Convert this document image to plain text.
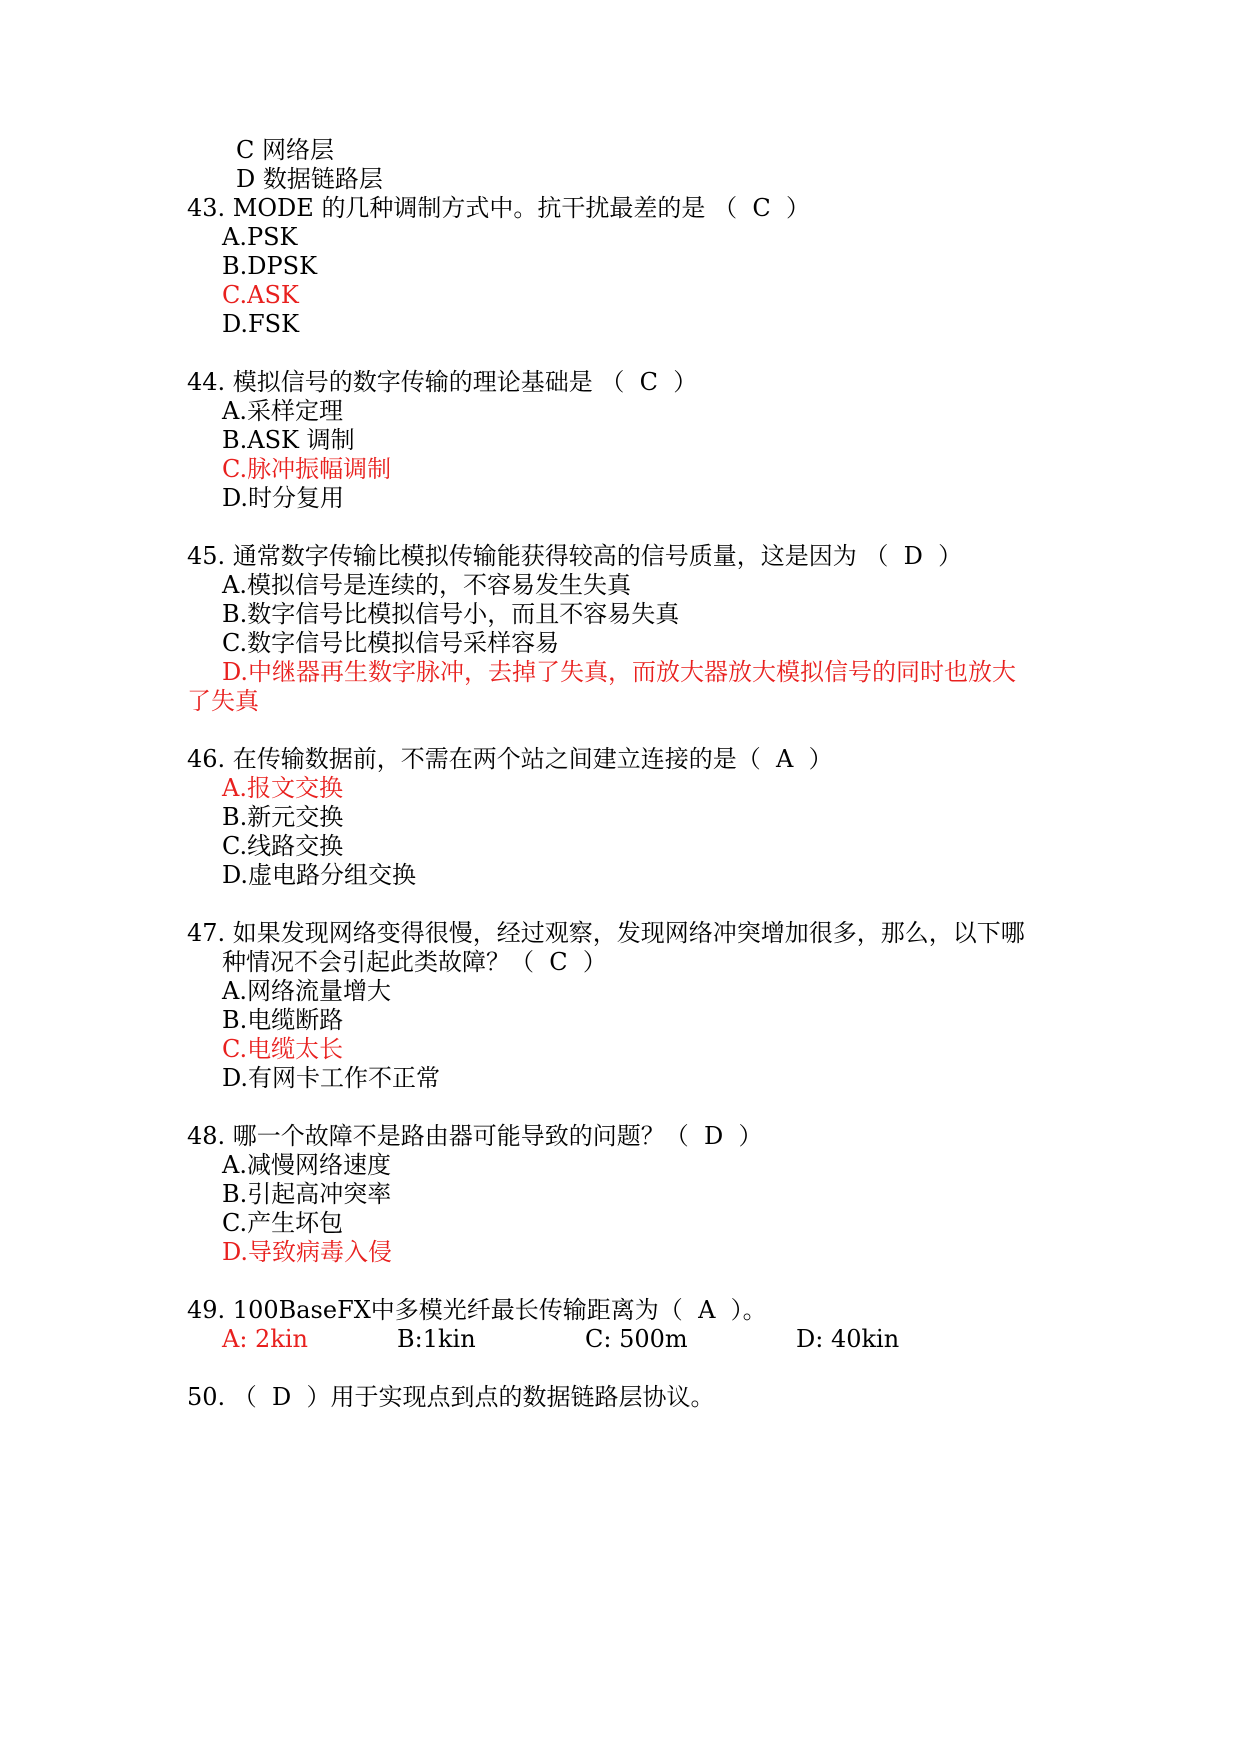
C 网络层
D 数据链路层
43. MODE 的几种调制方式中。抗干扰最差的是 （  C  ）
A.PSK
B.DPSK
C.ASK
D.FSK
44. 模拟信号的数字传输的理论基础是 （  C  ）
A.采样定理
B.ASK 调制
C.脉冲振幅调制
D.时分复用
45. 通常数字传输比模拟传输能获得较高的信号质量，这是因为 （  D  ）
A.模拟信号是连续的，不容易发生失真
B.数字信号比模拟信号小，而且不容易失真
C.数字信号比模拟信号采样容易
D.中继器再生数字脉冲，去掉了失真，而放大器放大模拟信号的同时也放大
了失真
46. 在传输数据前，不需在两个站之间建立连接的是（  A  ）
A.报文交换
B.新元交换
C.线路交换
D.虚电路分组交换
47. 如果发现网络变得很慢，经过观察，发现网络冲突增加很多，那么，以下哪
种情况不会引起此类故障？（  C  ）
A.网络流量增大
B.电缆断路
C.电缆太长
D.有网卡工作不正常
48. 哪一个故障不是路由器可能导致的问题？（  D  ）
A.减慢网络速度
B.引起高冲突率
C.产生坏包
D.导致病毒入侵
49. 100BaseFX中多模光纤最长传输距离为（  A  ）。
A: 2kin	B:1kin	C: 500m	D: 40kin
50. （  D  ）用于实现点到点的数据链路层协议。
